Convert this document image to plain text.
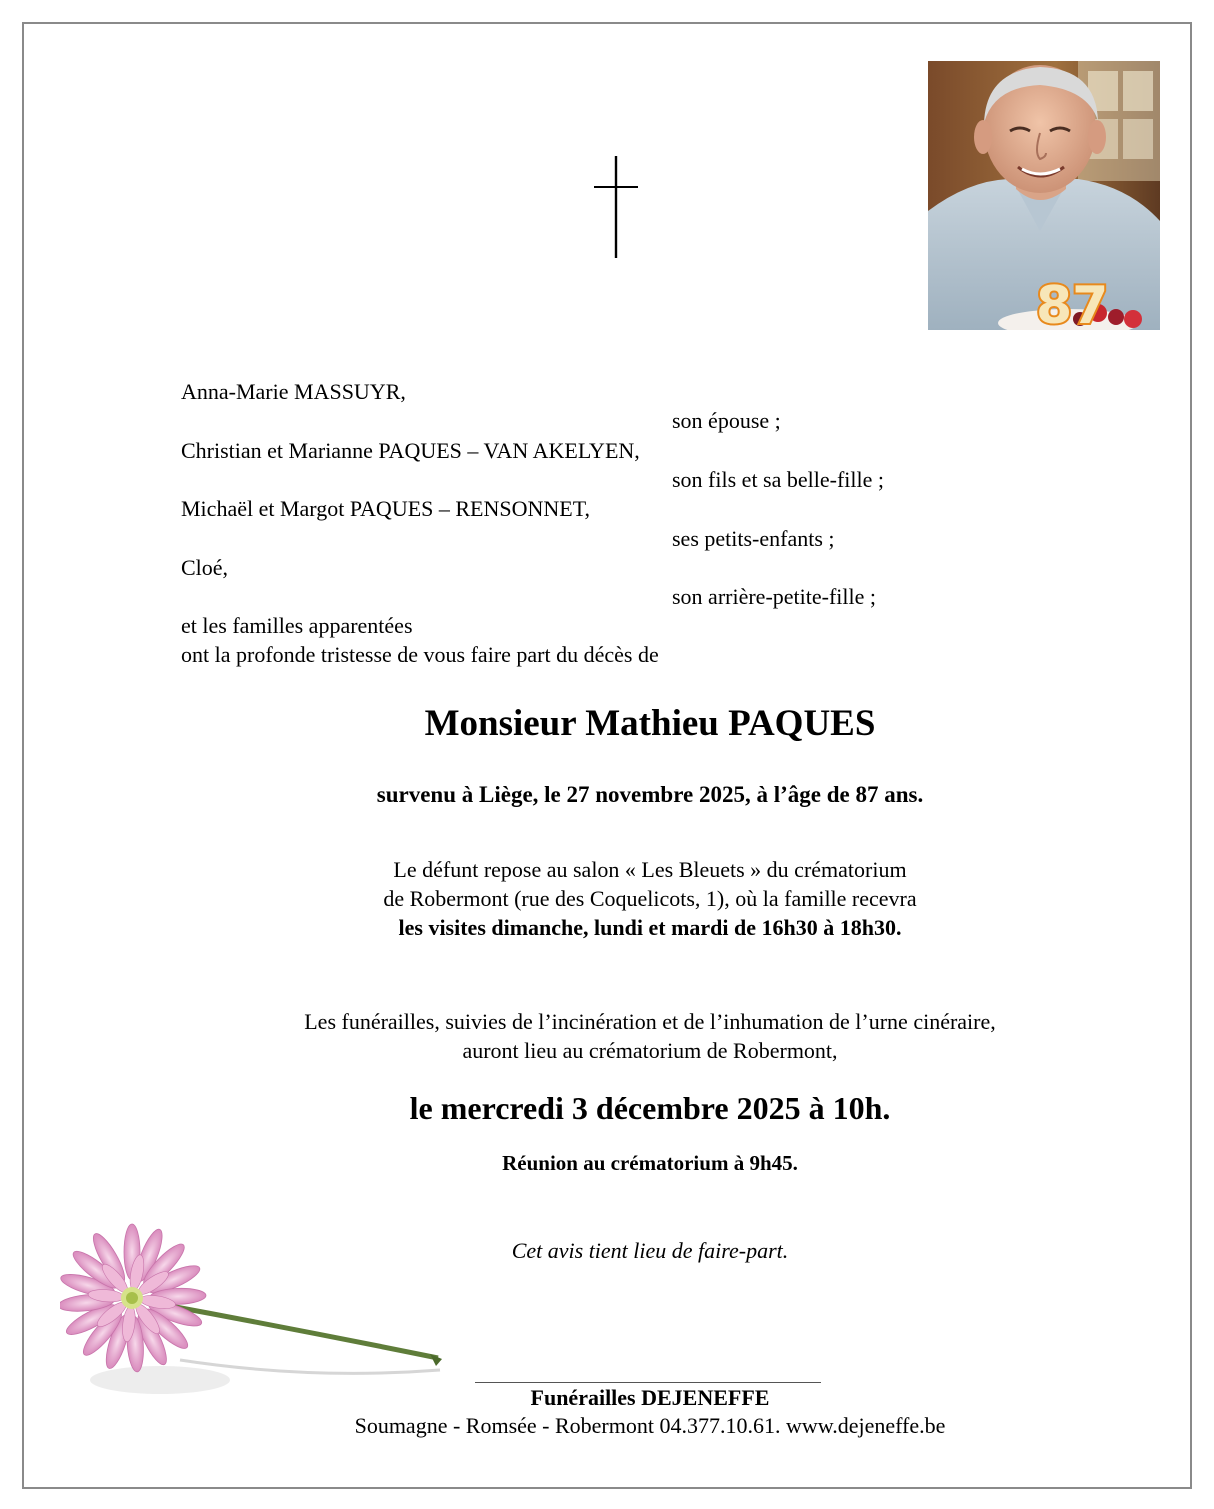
87
Anna-Marie MASSUYR,
son épouse ;
Christian et Marianne PAQUES – VAN AKELYEN,
son fils et sa belle-fille ;
Michaël et Margot PAQUES – RENSONNET,
ses petits-enfants ;
Cloé,
son arrière-petite-fille ;
et les familles apparentées
ont la profonde tristesse de vous faire part du décès de
Monsieur Mathieu PAQUES
survenu à Liège, le 27 novembre 2025, à l’âge de 87 ans.
Le défunt repose au salon « Les Bleuets » du crématorium
de Robermont (rue des Coquelicots, 1), où la famille recevra
les visites dimanche, lundi et mardi de 16h30 à 18h30.
Les funérailles, suivies de l’incinération et de l’inhumation de l’urne cinéraire,
auront lieu au crématorium de Robermont,
le mercredi 3 décembre 2025 à 10h.
Réunion au crématorium à 9h45.
Cet avis tient lieu de faire-part.
Funérailles DEJENEFFE
Soumagne - Romsée - Robermont 04.377.10.61. www.dejeneffe.be
